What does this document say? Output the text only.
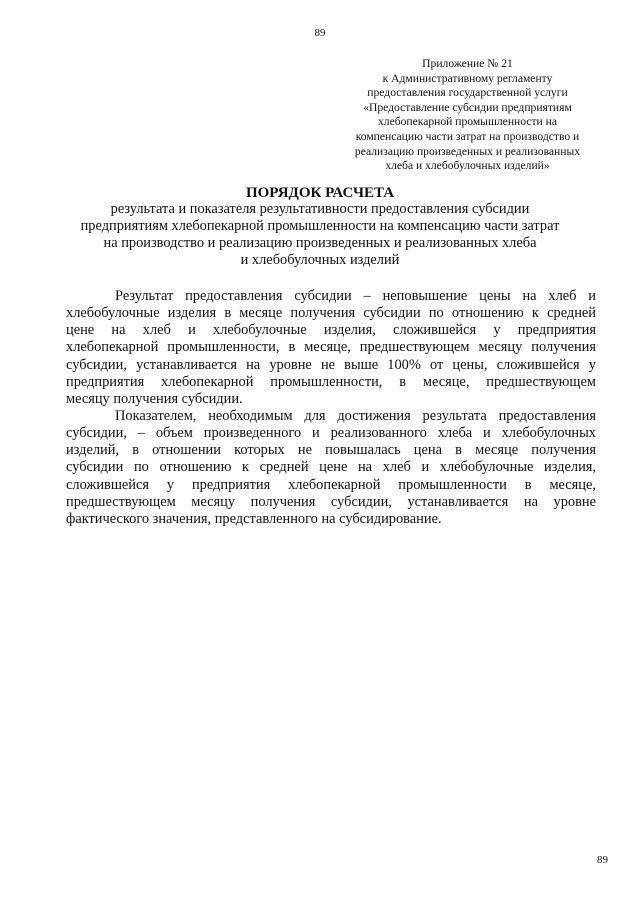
89
Приложение № 21
к Административному регламенту
предоставления государственной услуги
«Предоставление субсидии предприятиям
хлебопекарной промышленности на
компенсацию части затрат на производство и
реализацию произведенных и реализованных
хлеба и хлебобулочных изделий»
ПОРЯДОК РАСЧЕТА
результата и показателя результативности предоставления субсидии
предприятиям хлебопекарной промышленности на компенсацию части затрат
на производство и реализацию произведенных и реализованных хлеба
и хлебобулочных изделий
Результат предоставления субсидии – неповышение цены на хлеб и
хлебобулочные изделия в месяце получения субсидии по отношению к средней
цене на хлеб и хлебобулочные изделия, сложившейся у предприятия
хлебопекарной промышленности, в месяце, предшествующем месяцу получения
субсидии, устанавливается на уровне не выше 100% от цены, сложившейся у
предприятия хлебопекарной промышленности, в месяце, предшествующем
месяцу получения субсидии.
Показателем, необходимым для достижения результата предоставления
субсидии, – объем произведенного и реализованного хлеба и хлебобулочных
изделий, в отношении которых не повышалась цена в месяце получения
субсидии по отношению к средней цене на хлеб и хлебобулочные изделия,
сложившейся у предприятия хлебопекарной промышленности в месяце,
предшествующем месяцу получения субсидии, устанавливается на уровне
фактического значения, представленного на субсидирование.
89
